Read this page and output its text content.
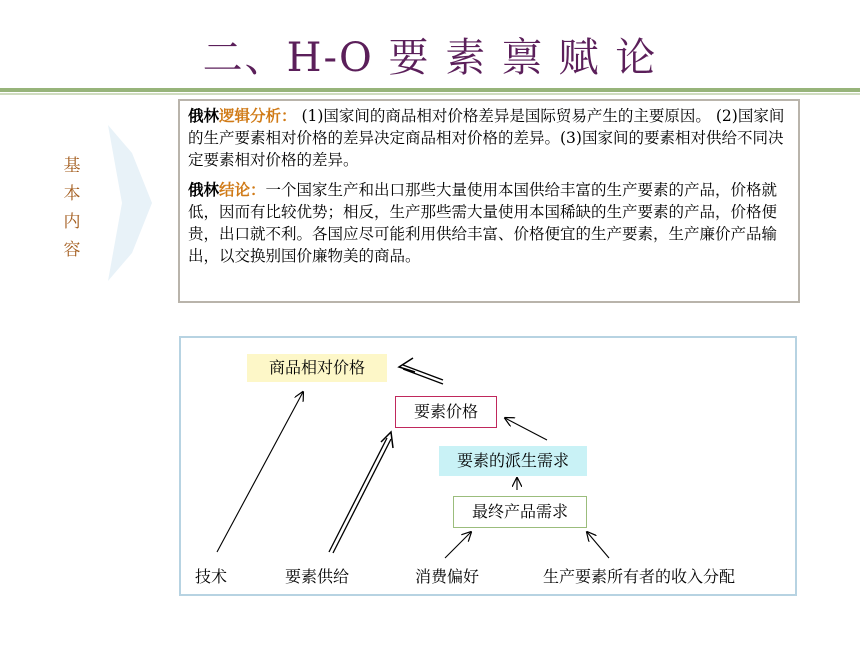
二、H-O 要 素 禀 赋 论
基
本
内
容

俄林逻辑分析： (1)国家间的商品相对价格差异是国际贸易产生的主要原因。 (2)国家间的生产要素相对价格的差异决定商品相对价格的差异。(3)国家间的要素相对供给不同决定要素相对价格的差异。

俄林结论：一个国家生产和出口那些大量使用本国供给丰富的生产要素的产品，价格就低，因而有比较优势；相反，生产那些需大量使用本国稀缺的生产要素的产品，价格便贵，出口就不利。各国应尽可能利用供给丰富、价格便宜的生产要素，生产廉价产品输出，以交换别国价廉物美的商品。

商品相对价格
要素价格
要素的派生需求
最终产品需求
技术	要素供给	消费偏好	生产要素所有者的收入分配
